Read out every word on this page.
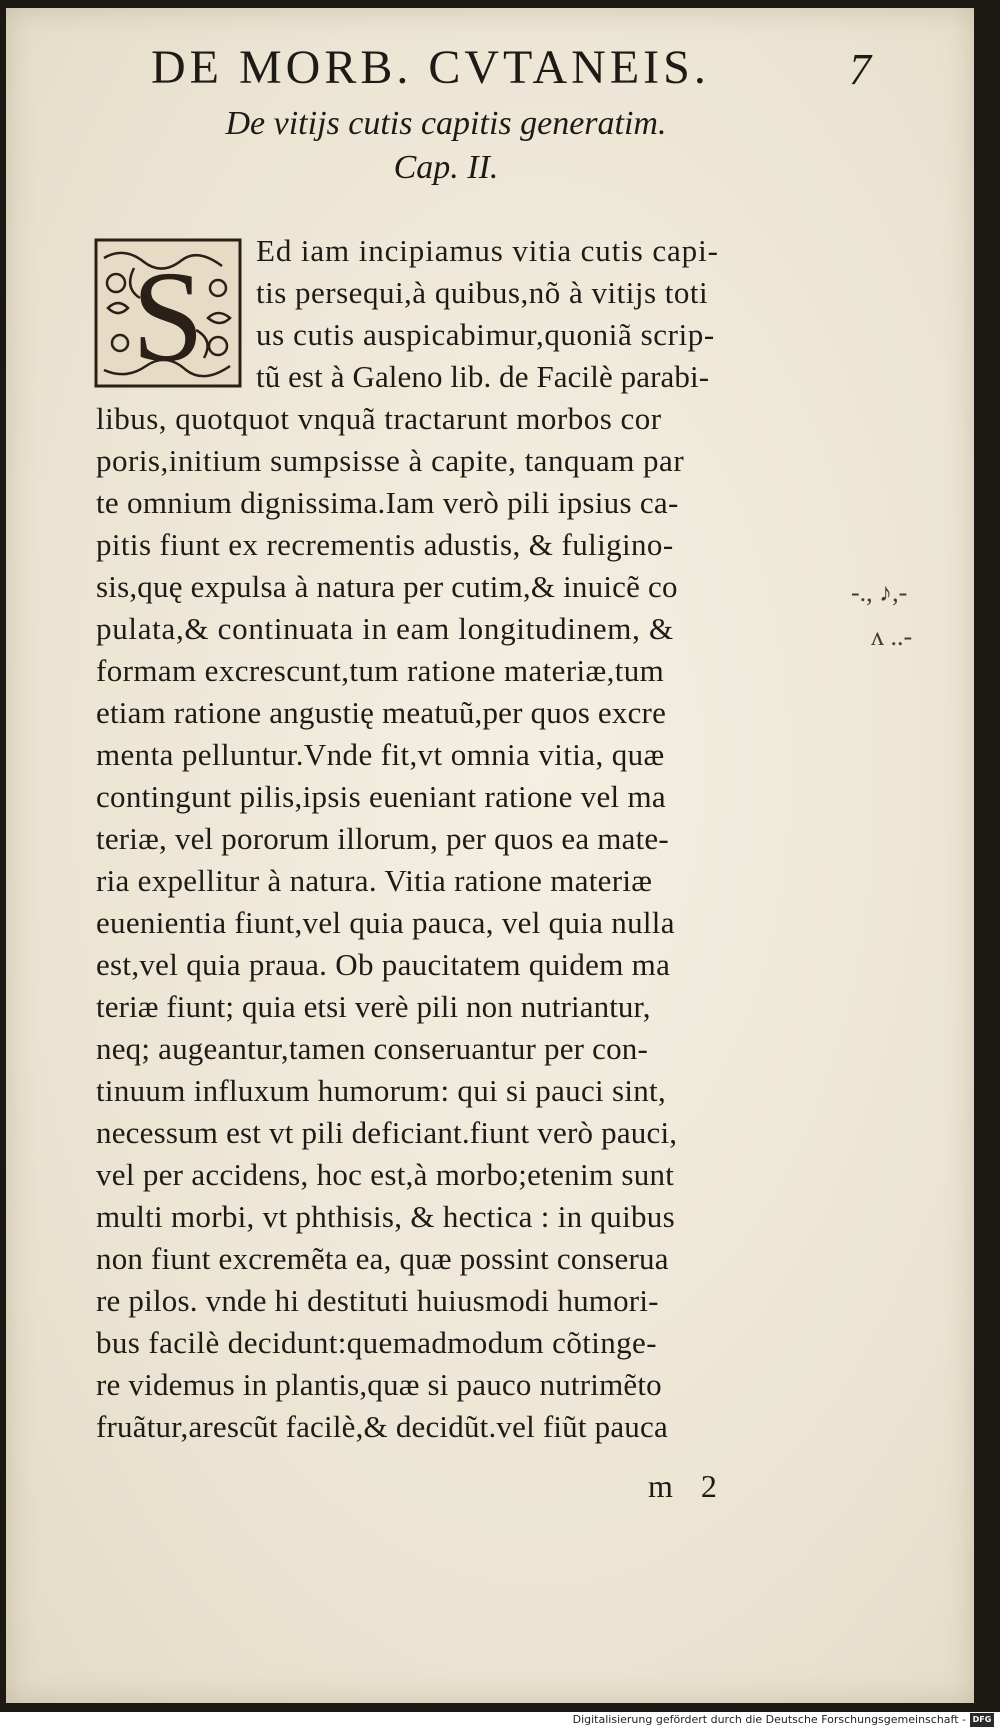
DE MORB. CVTANEIS.	7
De vitijs cutis capitis generatim.
Cap. II.
S Ed iam incipiamus vitia cutis capi-
tis persequi,à quibus,nõ à vitijs toti
us cutis auspicabimur,quoniã scrip-
tũ est à Galeno lib. de Facilè parabi-
libus, quotquot vnquã tractarunt morbos cor
poris,initium sumpsisse à capite, tanquam par
te omnium dignissima.Iam verò pili ipsius ca-
pitis fiunt ex recrementis adustis, & fuligino-
sis,quę expulsa à natura per cutim,& inuicẽ co
pulata,& continuata in eam longitudinem, &
formam excrescunt,tum ratione materiæ,tum
etiam ratione angustię meatuũ,per quos excre
menta pelluntur.Vnde fit,vt omnia vitia, quæ
contingunt pilis,ipsis eueniant ratione vel ma
teriæ, vel pororum illorum, per quos ea mate-
ria expellitur à natura. Vitia ratione materiæ
euenientia fiunt,vel quia pauca, vel quia nulla
est,vel quia praua. Ob paucitatem quidem ma
teriæ fiunt; quia etsi verè pili non nutriantur,
neq; augeantur,tamen conseruantur per con-
tinuum influxum humorum: qui si pauci sint,
necessum est vt pili deficiant.fiunt verò pauci,
vel per accidens, hoc est,à morbo;etenim sunt
multi morbi, vt phthisis, & hectica : in quibus
non fiunt excremẽta ea, quæ possint conserua
re pilos. vnde hi destituti huiusmodi humori-
bus facilè decidunt:quemadmodum cõtinge-
re videmus in plantis,quæ si pauco nutrimẽto
fruãtur,arescũt facilè,& decidũt.vel fiũt pauca
m 2
-., ♪,-
ʌ ..-
Digitalisierung gefördert durch die Deutsche Forschungsgemeinschaft - DFG
